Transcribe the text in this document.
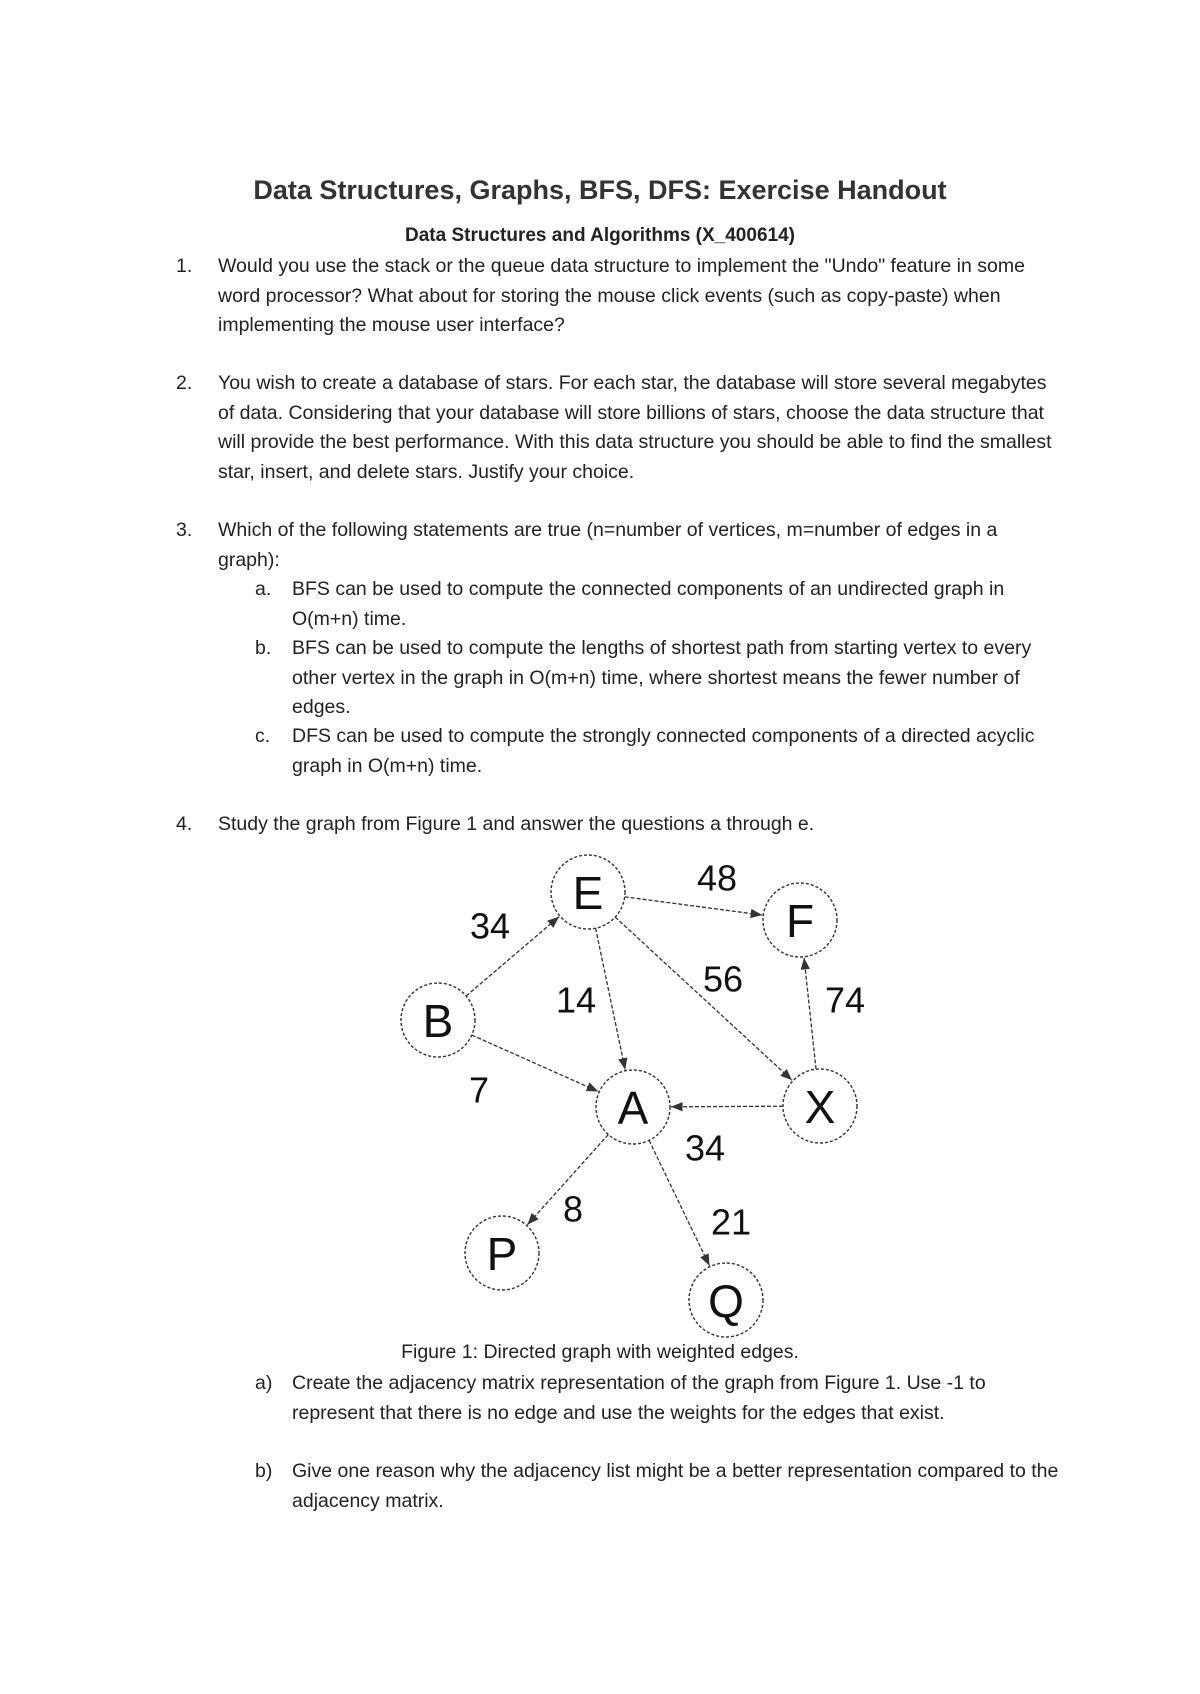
Data Structures, Graphs, BFS, DFS: Exercise Handout
Data Structures and Algorithms (X_400614)
1. Would you use the stack or the queue data structure to implement the "Undo" feature in some word processor? What about for storing the mouse click events (such as copy-paste) when implementing the mouse user interface?
2. You wish to create a database of stars. For each star, the database will store several megabytes of data. Considering that your database will store billions of stars, choose the data structure that will provide the best performance. With this data structure you should be able to find the smallest star, insert, and delete stars. Justify your choice.
3. Which of the following statements are true (n=number of vertices, m=number of edges in a graph):
a. BFS can be used to compute the connected components of an undirected graph in O(m+n) time.
b. BFS can be used to compute the lengths of shortest path from starting vertex to every other vertex in the graph in O(m+n) time, where shortest means the fewer number of edges.
c. DFS can be used to compute the strongly connected components of a directed acyclic graph in O(m+n) time.
4. Study the graph from Figure 1 and answer the questions a through e.
34
48
14
56
74
7
34
8	21
E
F
B
A	X
P
Q
Figure 1: Directed graph with weighted edges.
a) Create the adjacency matrix representation of the graph from Figure 1. Use -1 to represent that there is no edge and use the weights for the edges that exist.
b) Give one reason why the adjacency list might be a better representation compared to the adjacency matrix.
